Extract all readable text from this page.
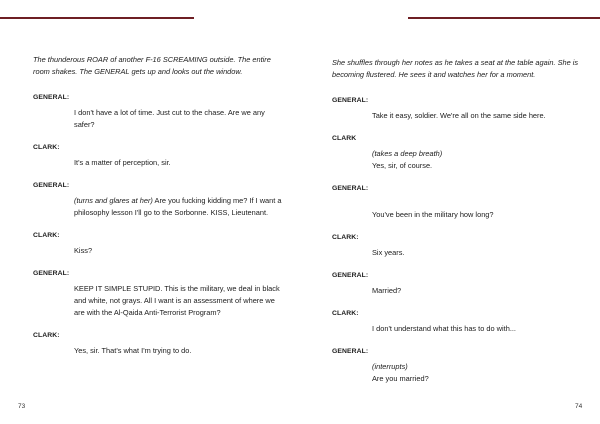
The thunderous ROAR of another F-16 SCREAMING outside. The entire room shakes. The GENERAL gets up and looks out the window.

GENERAL:

I don't have a lot of time. Just cut to the chase. Are we any safer?

CLARK:

It's a matter of perception, sir.

GENERAL:

(turns and glares at her) Are you fucking kidding me? If I want a philosophy lesson I'll go to the Sorbonne. KISS, Lieutenant.

CLARK:

Kiss?

GENERAL:

KEEP IT SIMPLE STUPID. This is the military, we deal in black and white, not grays. All I want is an assessment of where we are with the Al-Qaida Anti-Terrorist Program?

CLARK:

Yes, sir. That's what I'm trying to do.

73

She shuffles through her notes as he takes a seat at the table again. She is becoming flustered. He sees it and watches her for a moment.

GENERAL:

Take it easy, soldier. We're all on the same side here.

CLARK

(takes a deep breath)

Yes, sir, of course.

GENERAL:

You've been in the military how long?

CLARK:

Six years.

GENERAL:

Married?

CLARK:

I don't understand what this has to do with...

GENERAL:

(interrupts)

Are you married?

74
